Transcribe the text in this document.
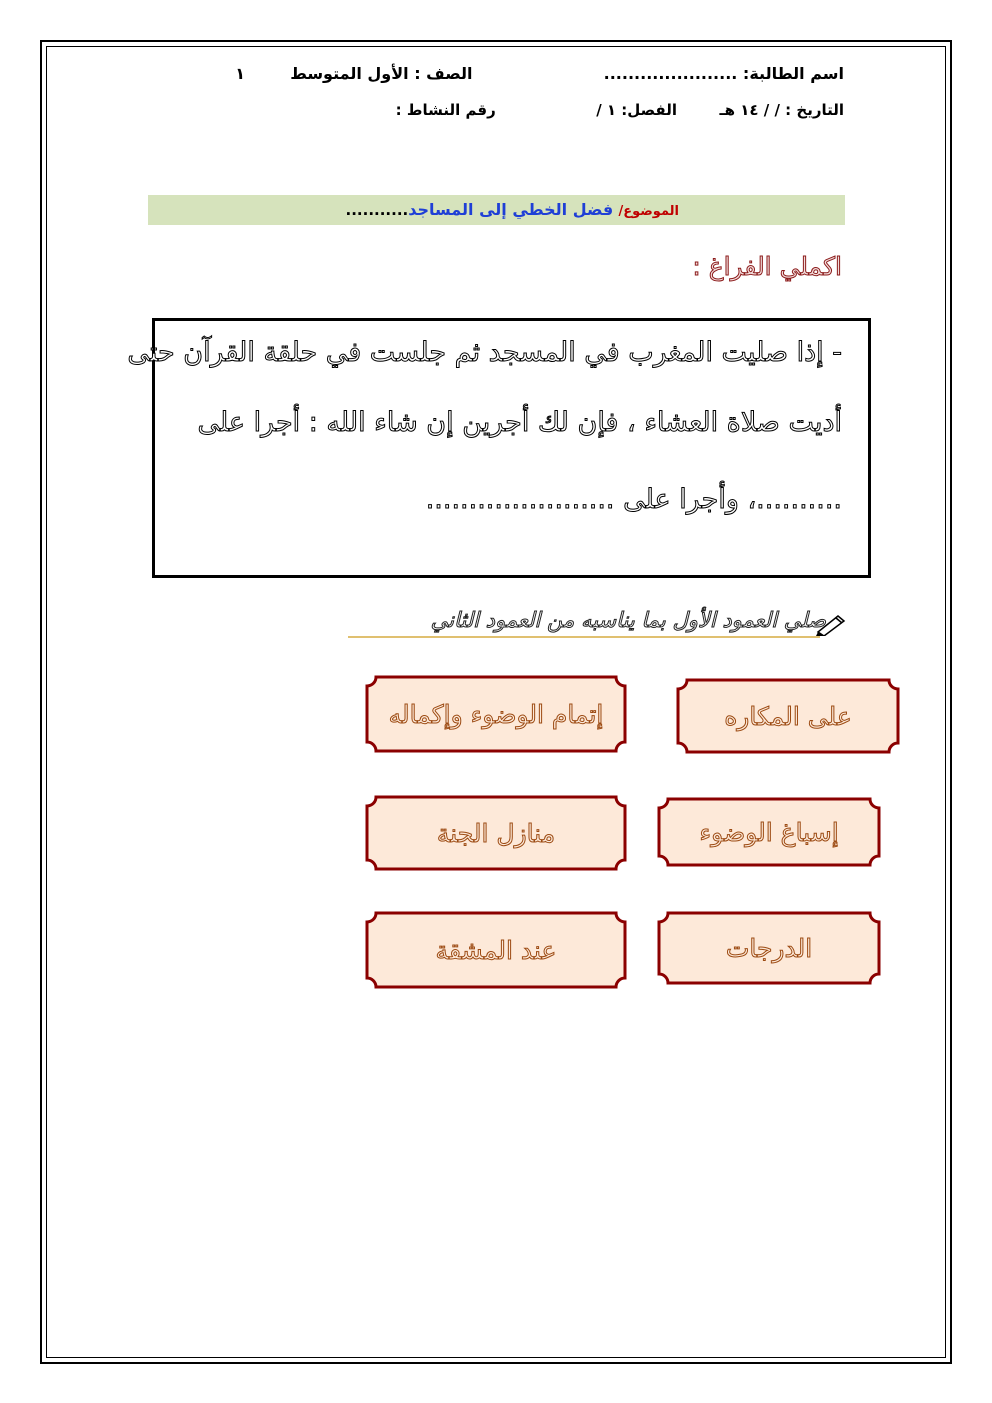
اسم الطالبة: ......................  الصف : الأول المتوسط  ١
التاريخ : / / ١٤ هـ  الفصل: ١ /  رقم النشاط :
الموضوع/ فضل الخطي إلى المساجد...........
اكملي الفراغ :
- إذا صليت المغرب في المسجد ثم جلست في حلقة القرآن حتى
أديت صلاة العشاء ، فإن لك أجرين إن شاء الله : أجرا على
..........، وأجرا على ......................
صلي العمود الأول بما يناسبه من العمود الثاني
على المكاره
إسباغ الوضوء
الدرجات
إتمام الوضوء وإكماله
منازل الجنة
عند المشقة
